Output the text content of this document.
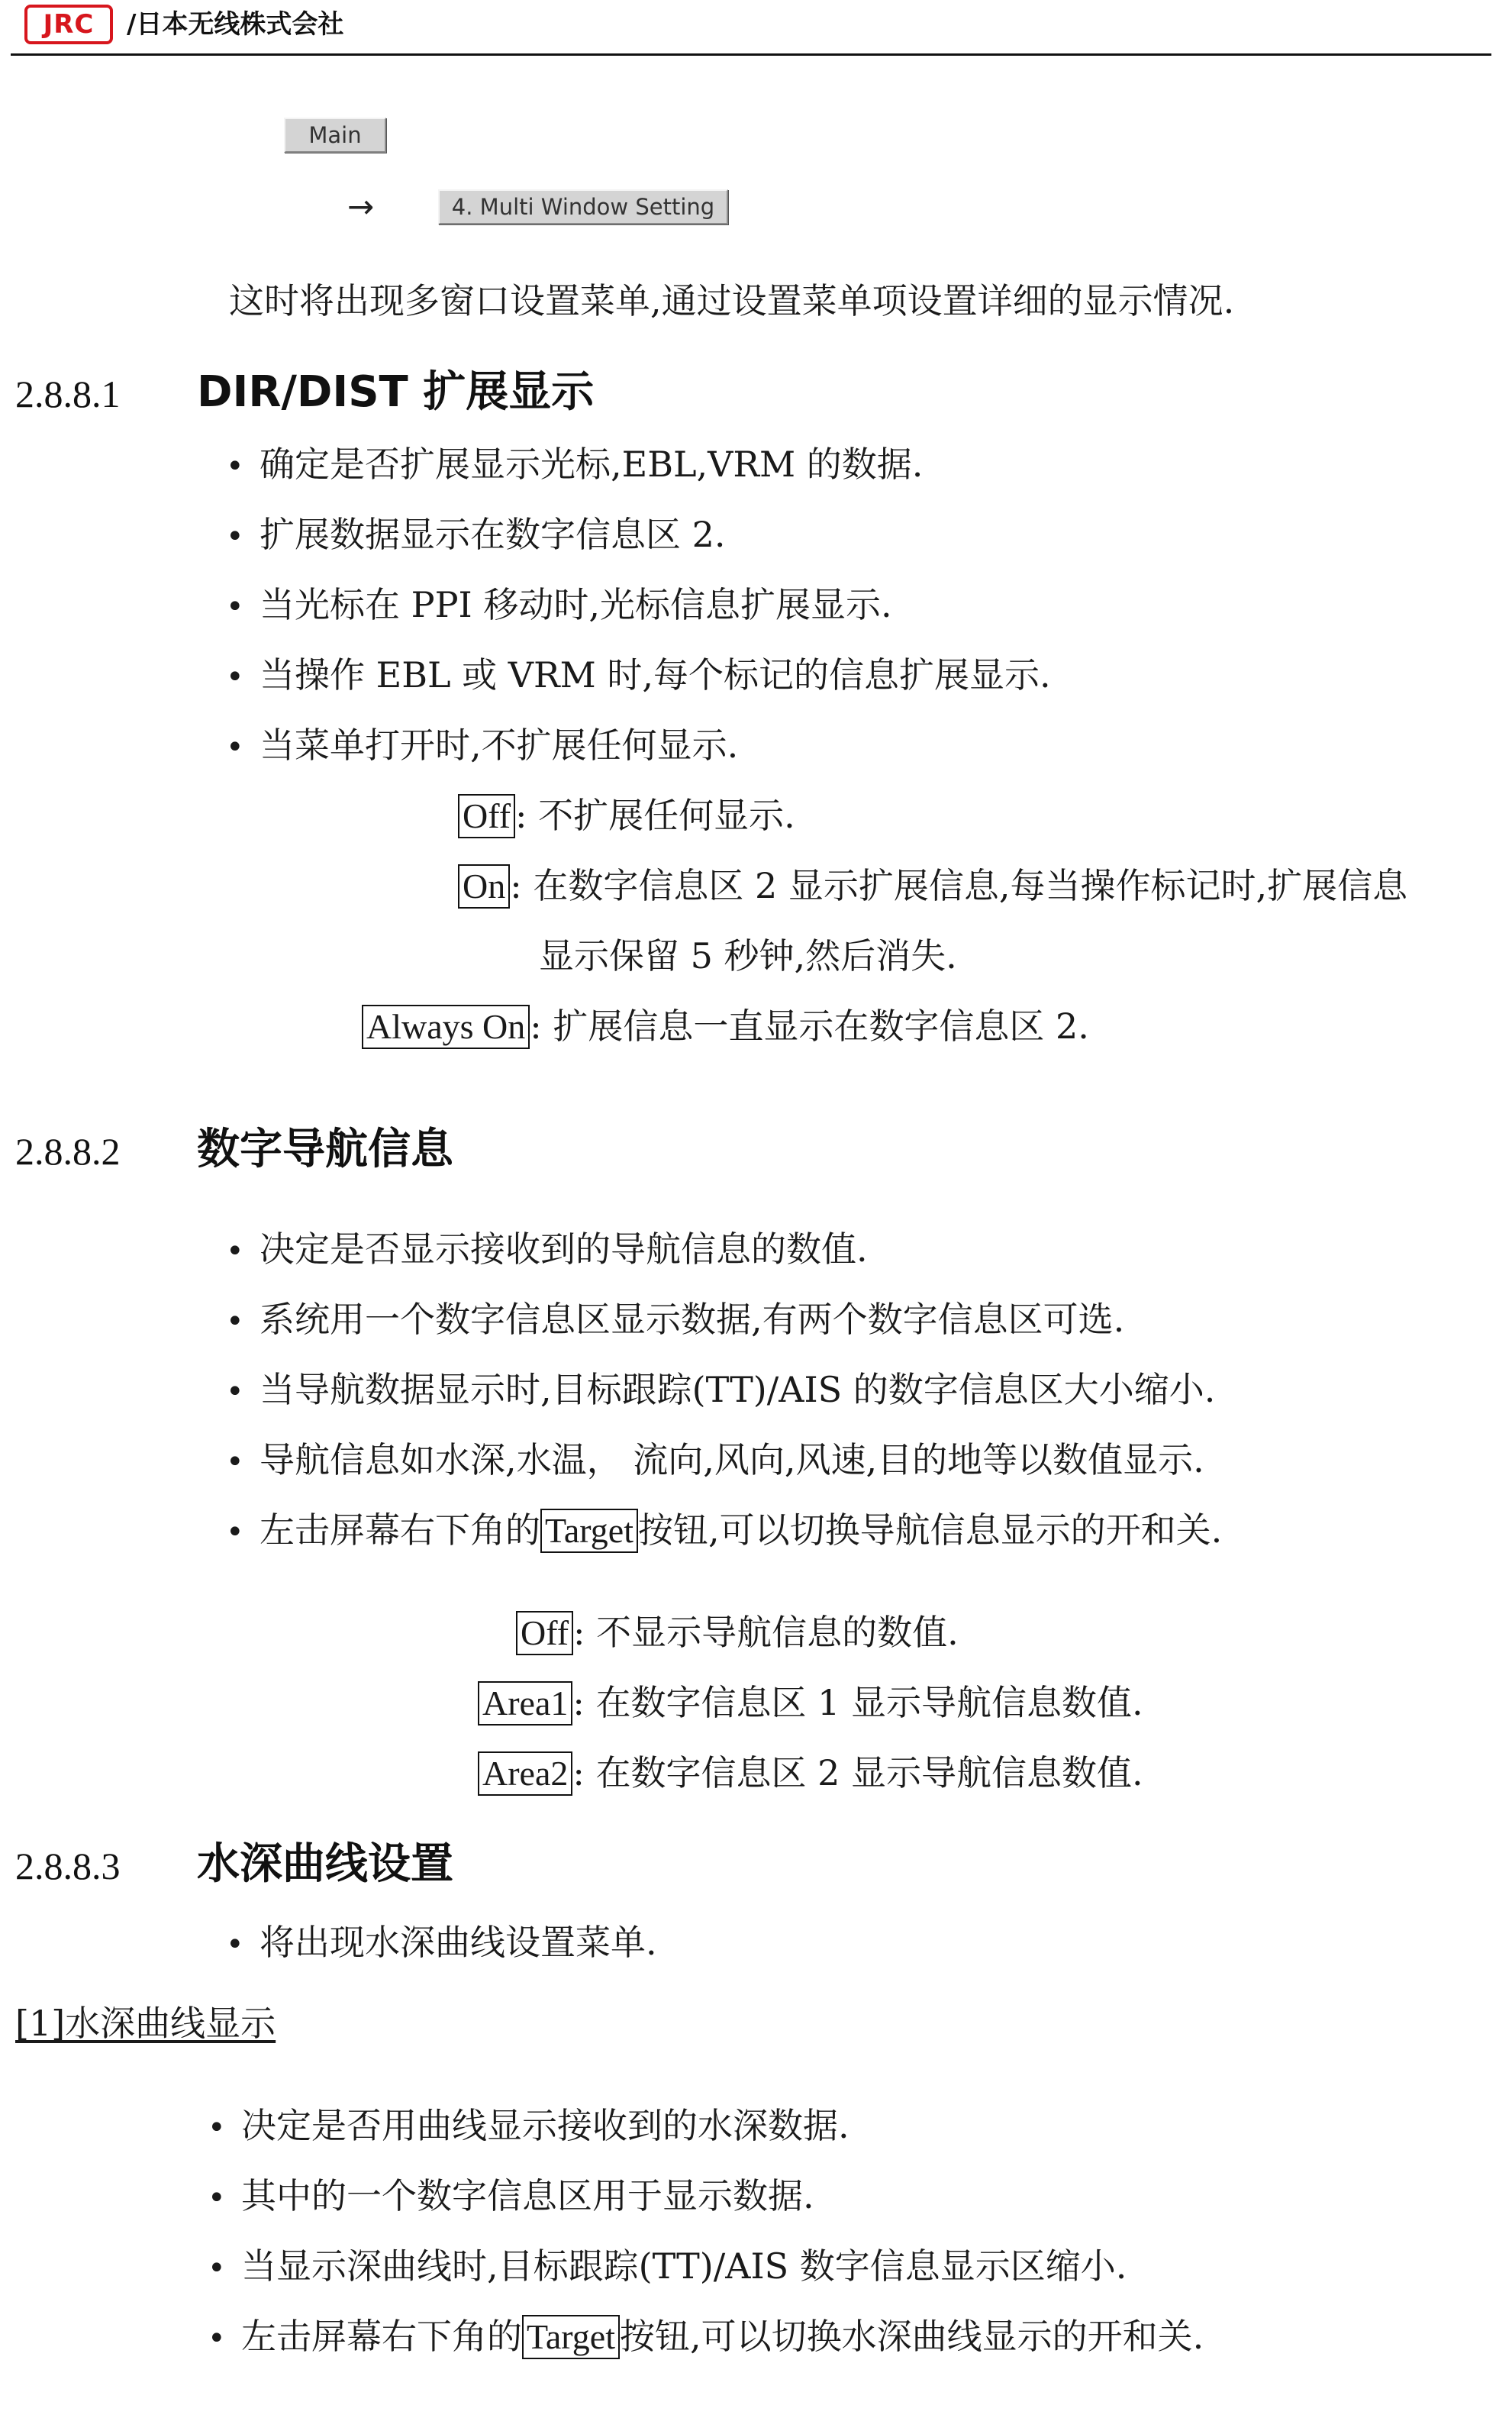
JRC	/日本无线株式会社
Main
→	4. Multi Window Setting
这时将出现多窗口设置菜单,通过设置菜单项设置详细的显示情况.
2.8.8.1 DIR/DIST 扩展显示
• 确定是否扩展显示光标,EBL,VRM 的数据.
• 扩展数据显示在数字信息区 2.
• 当光标在 PPI 移动时,光标信息扩展显示.
• 当操作 EBL 或 VRM 时,每个标记的信息扩展显示.
• 当菜单打开时,不扩展任何显示.
Off : 不扩展任何显示.
On : 在数字信息区 2 显示扩展信息,每当操作标记时,扩展信息
显示保留 5 秒钟,然后消失.
Always On : 扩展信息一直显示在数字信息区 2.
2.8.8.2 数字导航信息
• 决定是否显示接收到的导航信息的数值.
• 系统用一个数字信息区显示数据,有两个数字信息区可选.
• 当导航数据显示时,目标跟踪(TT)/AIS 的数字信息区大小缩小.
• 导航信息如水深,水温， 流向,风向,风速,目的地等以数值显示.
• 左击屏幕右下角的 Target 按钮,可以切换导航信息显示的开和关.
Off : 不显示导航信息的数值.
Area1 : 在数字信息区 1 显示导航信息数值.
Area2 : 在数字信息区 2 显示导航信息数值.
2.8.8.3 水深曲线设置
• 将出现水深曲线设置菜单.
[1]水深曲线显示
• 决定是否用曲线显示接收到的水深数据.
• 其中的一个数字信息区用于显示数据.
• 当显示深曲线时,目标跟踪(TT)/AIS 数字信息显示区缩小.
• 左击屏幕右下角的 Target 按钮,可以切换水深曲线显示的开和关.
